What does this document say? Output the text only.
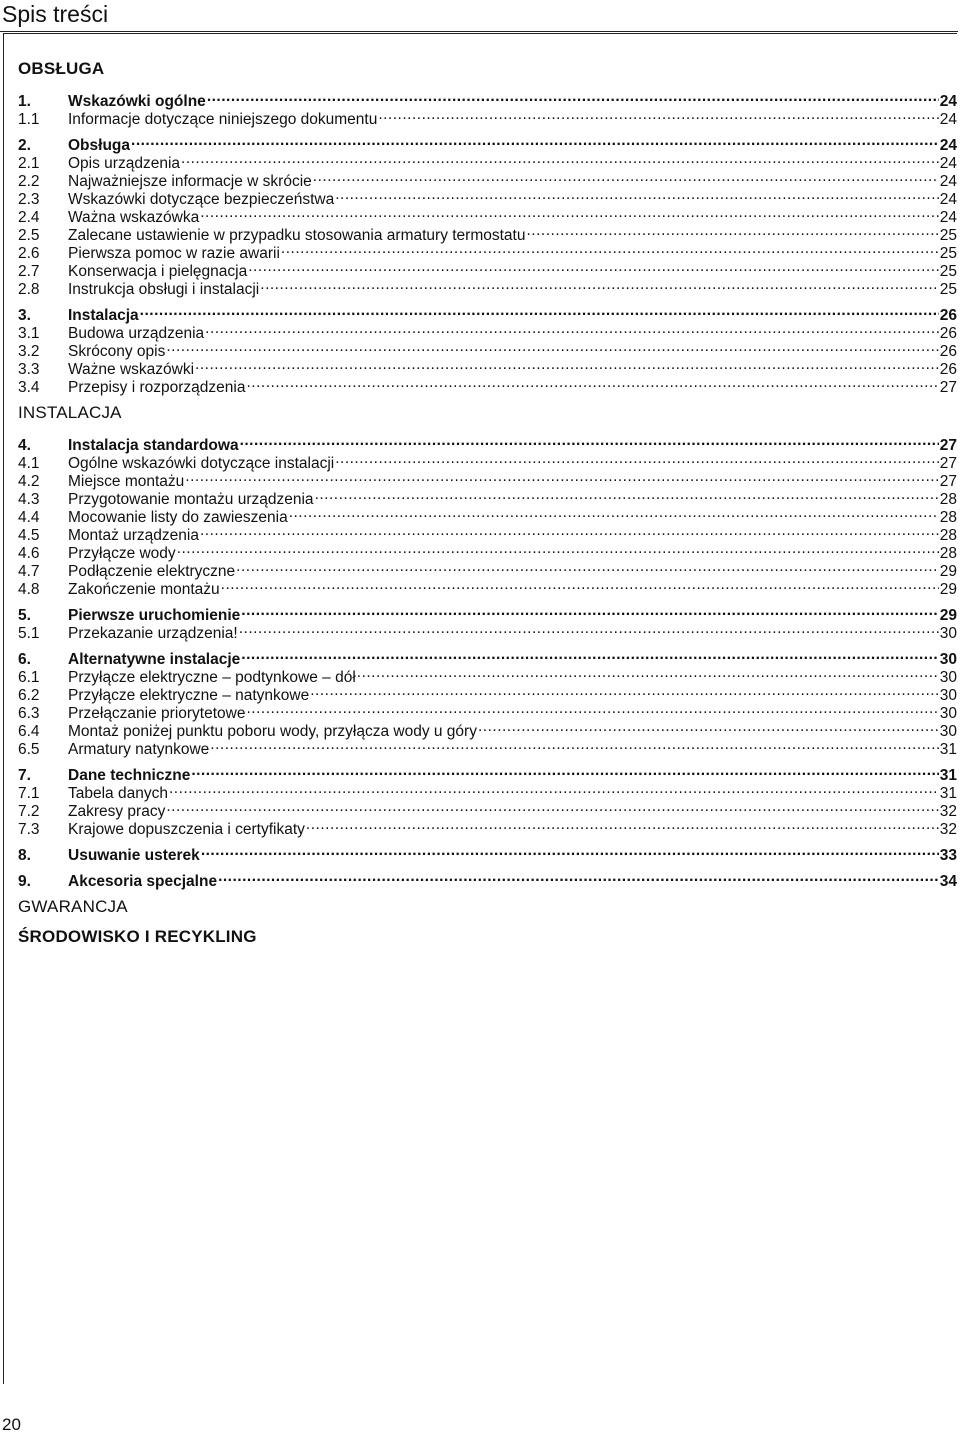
Spis treści
OBSŁUGA
1.	Wskazówki ogólne .....	24
1.1	Informacje dotyczące niniejszego dokumentu .....	24
2.	Obsługa .....	24
2.1	Opis urządzenia .....	24
2.2	Najważniejsze informacje w skrócie .....	24
2.3	Wskazówki dotyczące bezpieczeństwa .....	24
2.4	Ważna wskazówka .....	24
2.5	Zalecane ustawienie w przypadku stosowania armatury termostatu .....	25
2.6	Pierwsza pomoc w razie awarii .....	25
2.7	Konserwacja i pielęgnacja .....	25
2.8	Instrukcja obsługi i instalacji .....	25
3.	Instalacja .....	26
3.1	Budowa urządzenia .....	26
3.2	Skrócony opis .....	26
3.3	Ważne wskazówki .....	26
3.4	Przepisy i rozporządzenia .....	27
INSTALACJA
4.	Instalacja standardowa .....	27
4.1	Ogólne wskazówki dotyczące instalacji .....	27
4.2	Miejsce montażu .....	27
4.3	Przygotowanie montażu urządzenia .....	28
4.4	Mocowanie listy do zawieszenia .....	28
4.5	Montaż urządzenia .....	28
4.6	Przyłącze wody .....	28
4.7	Podłączenie elektryczne .....	29
4.8	Zakończenie montażu .....	29
5.	Pierwsze uruchomienie .....	29
5.1	Przekazanie urządzenia! .....	30
6.	Alternatywne instalacje .....	30
6.1	Przyłącze elektryczne – podtynkowe – dół .....	30
6.2	Przyłącze elektryczne – natynkowe .....	30
6.3	Przełączanie priorytetowe .....	30
6.4	Montaż poniżej punktu poboru wody, przyłącza wody u góry .....	30
6.5	Armatury natynkowe .....	31
7.	Dane techniczne .....	31
7.1	Tabela danych .....	31
7.2	Zakresy pracy .....	32
7.3	Krajowe dopuszczenia i certyfikaty .....	32
8.	Usuwanie usterek .....	33
9.	Akcesoria specjalne .....	34
GWARANCJA
ŚRODOWISKO I RECYKLING
20
